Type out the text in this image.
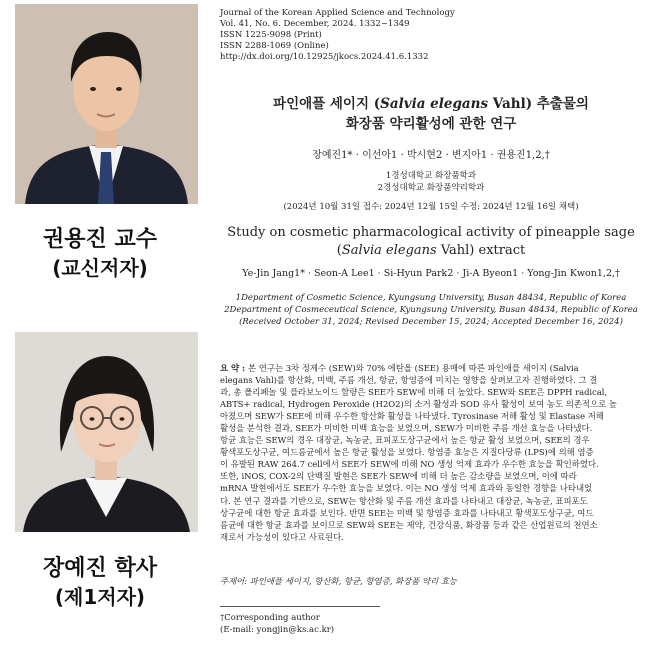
권용진 교수
(교신저자)
장예진 학사
(제1저자)
Journal of the Korean Applied Science and Technology
Vol. 41, No. 6. December, 2024. 1332~1349
ISSN 1225-9098 (Print)
ISSN 2288-1069 (Online)
http://dx.doi.org/10.12925/jkocs.2024.41.6.1332
파인애플 세이지 (Salvia elegans Vahl) 추출물의
화장품 약리활성에 관한 연구
장예진1* · 이선아1 · 박시현2 · 변지아1 · 권용진1,2,†
1경성대학교 화장품학과
2경성대학교 화장품약리학과
(2024년 10월 31일 접수: 2024년 12월 15일 수정: 2024년 12월 16일 채택)
Study on cosmetic pharmacological activity of pineapple sage
(Salvia elegans Vahl) extract
Ye-Jin Jang1* · Seon-A Lee1 · Si-Hyun Park2 · Ji-A Byeon1 · Yong-Jin Kwon1,2,†
1Department of Cosmetic Science, Kyungsung University, Busan 48434, Republic of Korea
2Department of Cosmeceutical Science, Kyungsung University, Busan 48434, Republic of Korea
(Received October 31, 2024; Revised December 15, 2024; Accepted December 16, 2024)
요 약 : 본 연구는 3차 정제수 (SEW)와 70% 에탄올 (SEE) 용매에 따른 파인애플 세이지 (Salvia
elegans Vahl)를 항산화, 미백, 주름 개선, 항균, 항염증에 미치는 영향을 살펴보고자 진행하였다. 그 결
과, 총 폴리페놀 및 플라보노이드 함량은 SEE가 SEW에 비해 더 높았다. SEW와 SEE은 DPPH radical,
ABTS+ radical, Hydrogen Peroxide (H2O2)의 소거 활성과 SOD 유사 활성이 보여 농도 의존적으로 높
아졌으며 SEW가 SEE에 비해 우수한 항산화 활성을 나타냈다. Tyrosinase 저해 활성 및 Elastase 저해
활성을 분석한 결과, SEE가 미비한 미백 효능을 보였으며, SEW가 미비한 주름 개선 효능을 나타냈다.
항균 효능은 SEW의 경우 대장균, 녹농균, 표피포도상구균에서 높은 항균 활성 보였으며, SEE의 경우
황색포도상구균, 여드름균에서 높은 항균 활성을 보였다. 항염증 효능은 지질다당류 (LPS)에 의해 염증
이 유발된 RAW 264.7 cell에서 SEE가 SEW에 비해 NO 생성 억제 효과가 우수한 효능을 확인하였다.
또한, iNOS, COX-2의 단백질 발현은 SEE가 SEW에 비해 더 높은 감소량을 보였으며, 이에 따라
mRNA 발현에서도 SEE가 우수한 효능을 보였다. 이는 NO 생성 억제 효과와 동일한 경향을 나타내었
다. 본 연구 결과를 기반으로, SEW는 항산화 및 주름 개선 효과를 나타내고 대장균, 녹농균, 표피포도
상구균에 대한 항균 효과를 보인다. 반면 SEE는 미백 및 항염증 효과를 나타내고 황색포도상구균, 여드
름균에 대한 항균 효과를 보이므로 SEW와 SEE는 제약, 건강식품, 화장품 등과 같은 산업원료의 천연소
재로서 가능성이 있다고 사료된다.
주제어: 파인애플 세이지, 항산화, 항균, 항염증, 화장품 약리 효능
†Corresponding author
(E-mail: yongjin@ks.ac.kr)
